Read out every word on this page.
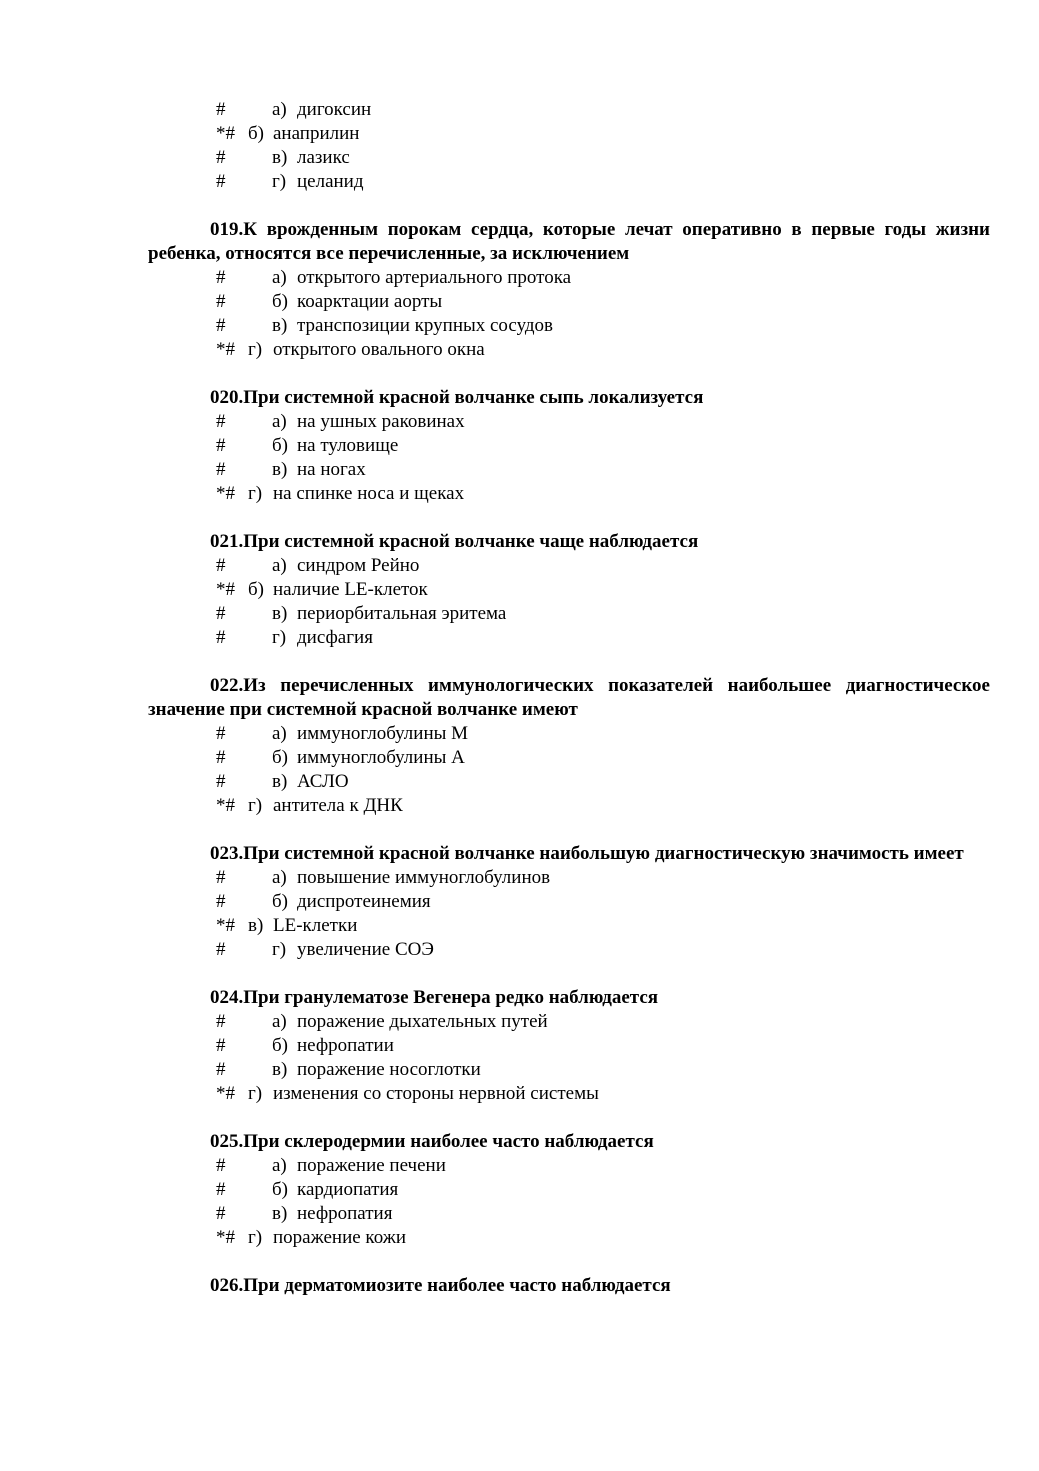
# а) дигоксин
*# б) анаприлин
# в) лазикс
# г) целанид
019.К врожденным порокам сердца, которые лечат оперативно в первые годы жизни ребенка, относятся все перечисленные, за исключением
# а) открытого артериального протока
# б) коарктации аорты
# в) транспозиции крупных сосудов
*# г) открытого овального окна
020.При системной красной волчанке сыпь локализуется
# а) на ушных раковинах
# б) на туловище
# в) на ногах
*# г) на спинке носа и щеках
021.При системной красной волчанке чаще наблюдается
# а) синдром Рейно
*# б) наличие LE-клеток
# в) периорбитальная эритема
# г) дисфагия
022.Из перечисленных иммунологических показателей наибольшее диагностическое значение при системной красной волчанке имеют
# а) иммуноглобулины М
# б) иммуноглобулины А
# в) АСЛО
*# г) антитела к ДНК
023.При системной красной волчанке наибольшую диагностическую значимость имеет
# а) повышение иммуноглобулинов
# б) диспротеинемия
*# в) LE-клетки
# г) увеличение СОЭ
024.При гранулематозе Вегенера редко наблюдается
# а) поражение дыхательных путей
# б) нефропатии
# в) поражение носоглотки
*# г) изменения со стороны нервной системы
025.При склеродермии наиболее часто наблюдается
# а) поражение печени
# б) кардиопатия
# в) нефропатия
*# г) поражение кожи
026.При дерматомиозите наиболее часто наблюдается
